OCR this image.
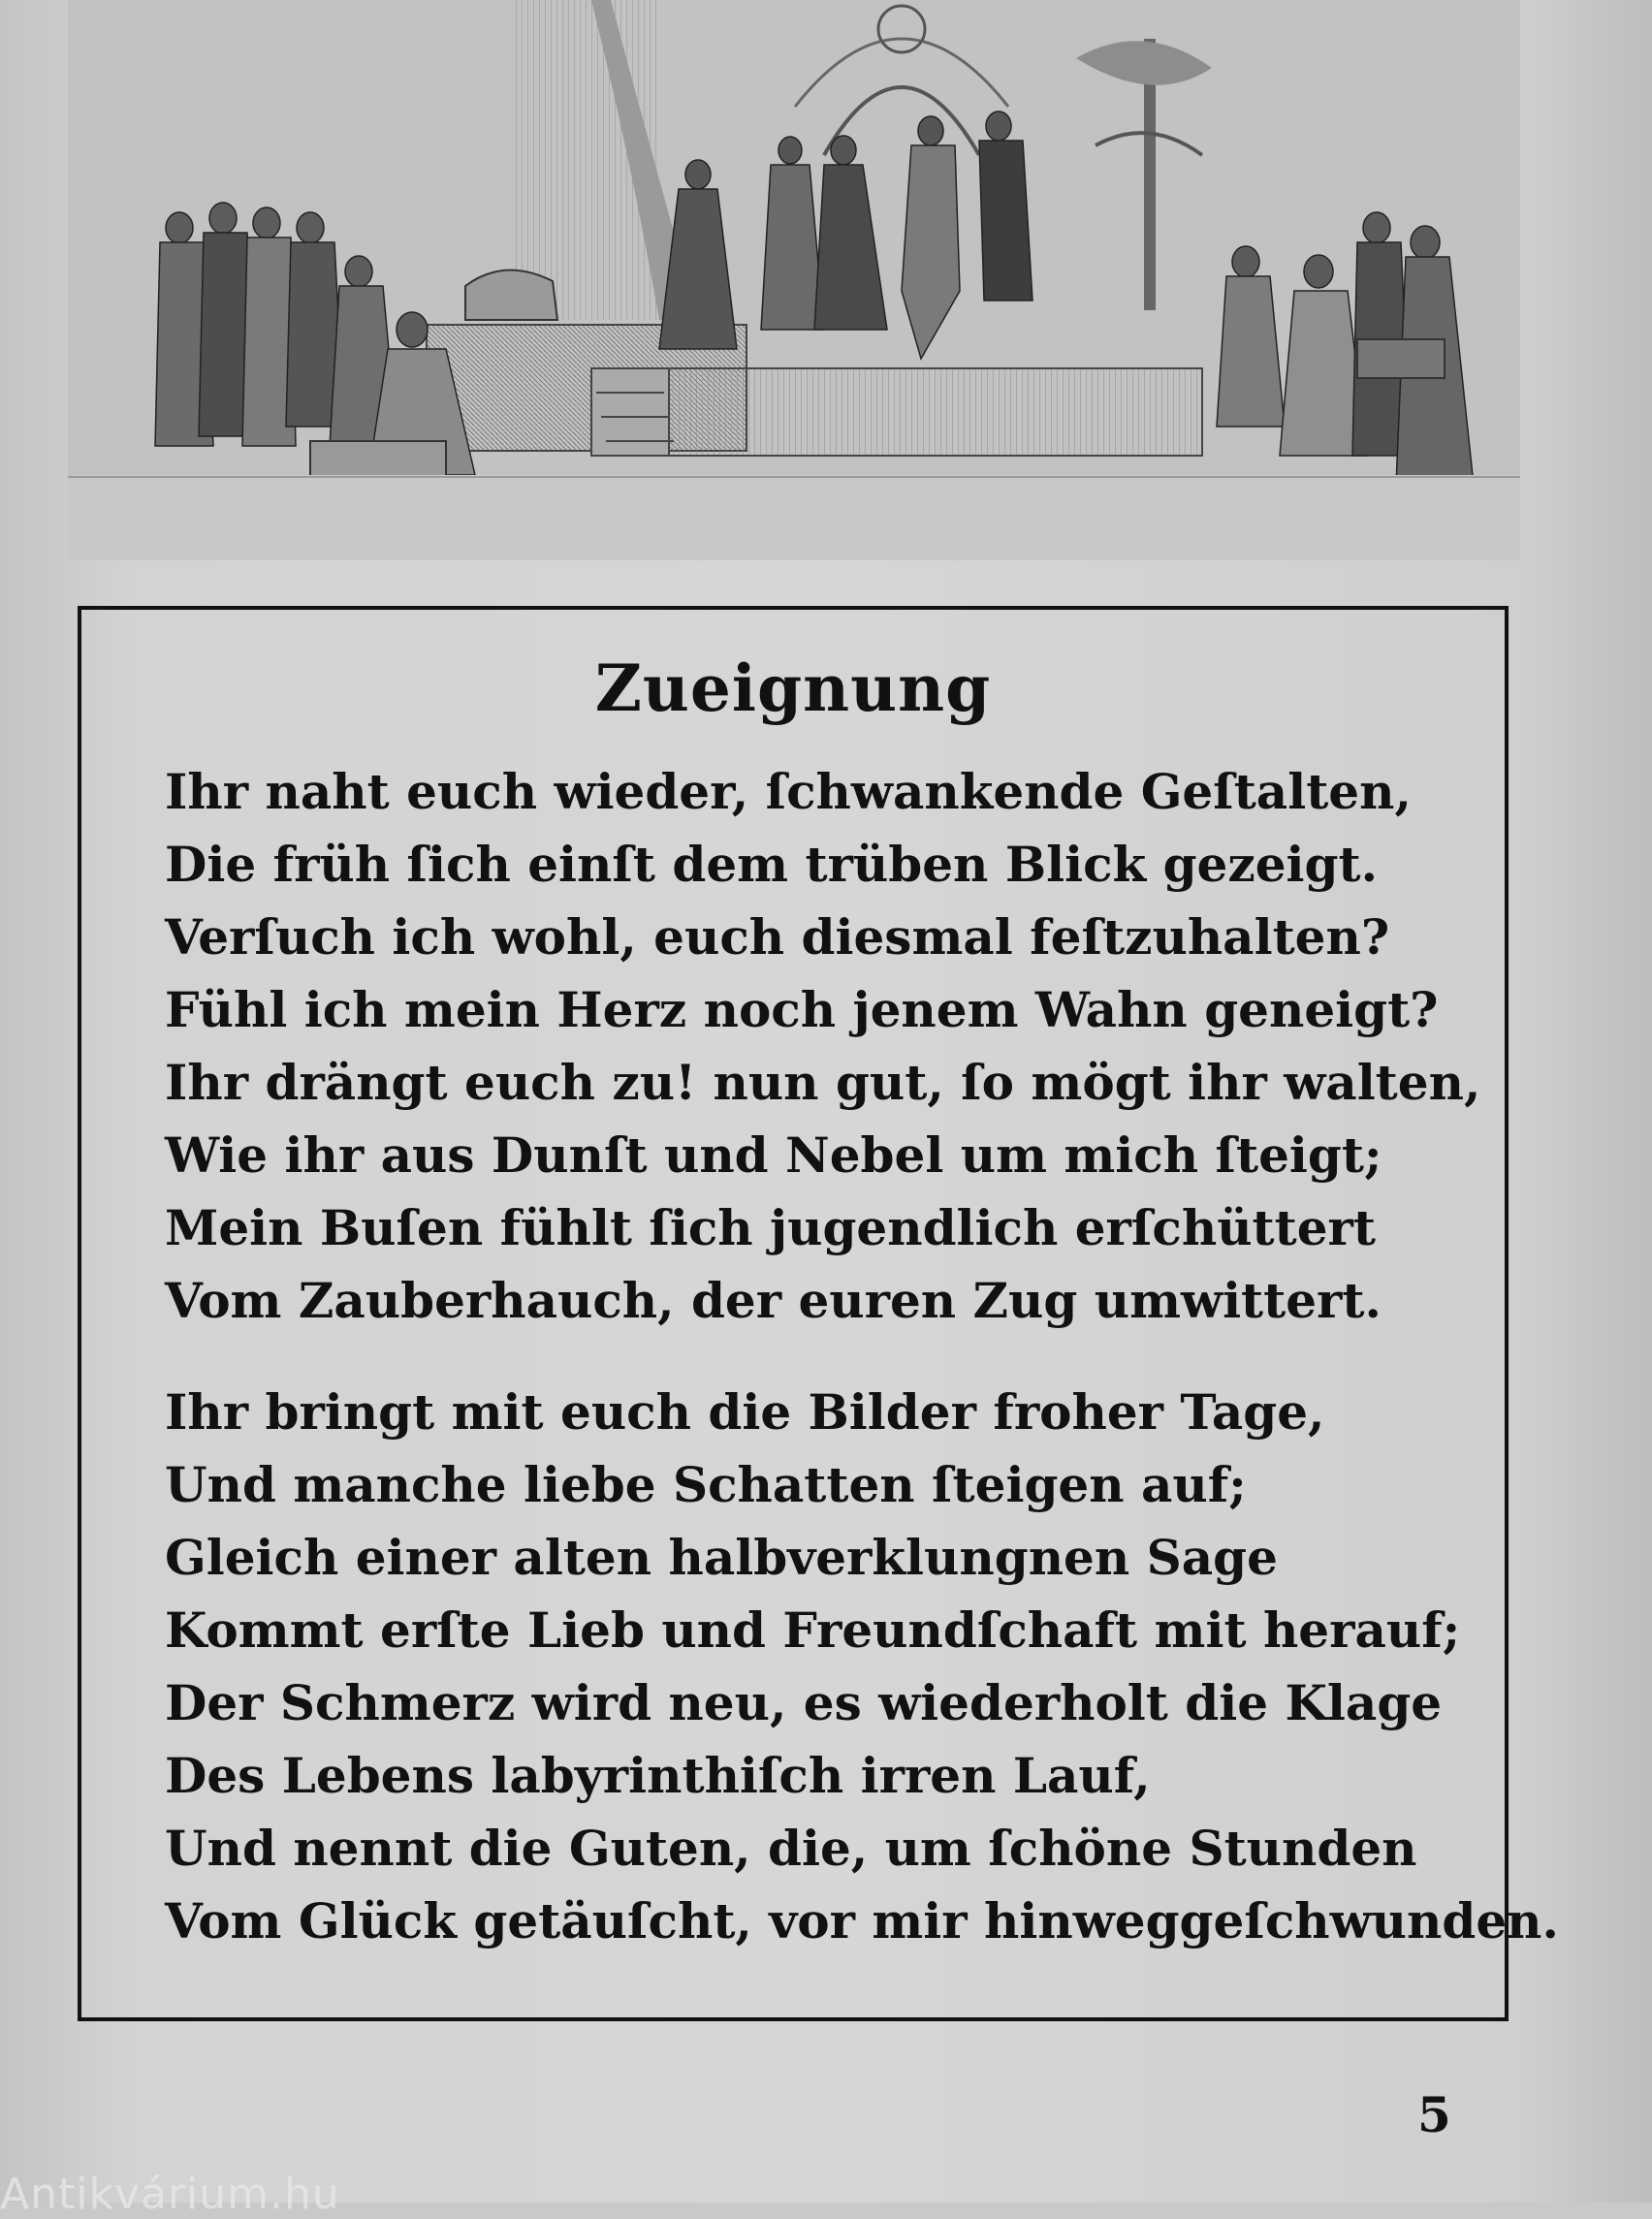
Zueignung
Ihr naht euch wieder, ſchwankende Geſtalten,
Die früh ſich einſt dem trüben Blick gezeigt.
Verſuch ich wohl, euch diesmal feſtzuhalten?
Fühl ich mein Herz noch jenem Wahn geneigt?
Ihr drängt euch zu! nun gut, ſo mögt ihr walten,
Wie ihr aus Dunſt und Nebel um mich ſteigt;
Mein Buſen fühlt ſich jugendlich erſchüttert
Vom Zauberhauch, der euren Zug umwittert.
Ihr bringt mit euch die Bilder froher Tage,
Und manche liebe Schatten ſteigen auf;
Gleich einer alten halbverklungnen Sage
Kommt erſte Lieb und Freundſchaft mit herauf;
Der Schmerz wird neu, es wiederholt die Klage
Des Lebens labyrinthiſch irren Lauf,
Und nennt die Guten, die, um ſchöne Stunden
Vom Glück getäuſcht, vor mir hinweggeſchwunden.
5
Antikvárium.hu
